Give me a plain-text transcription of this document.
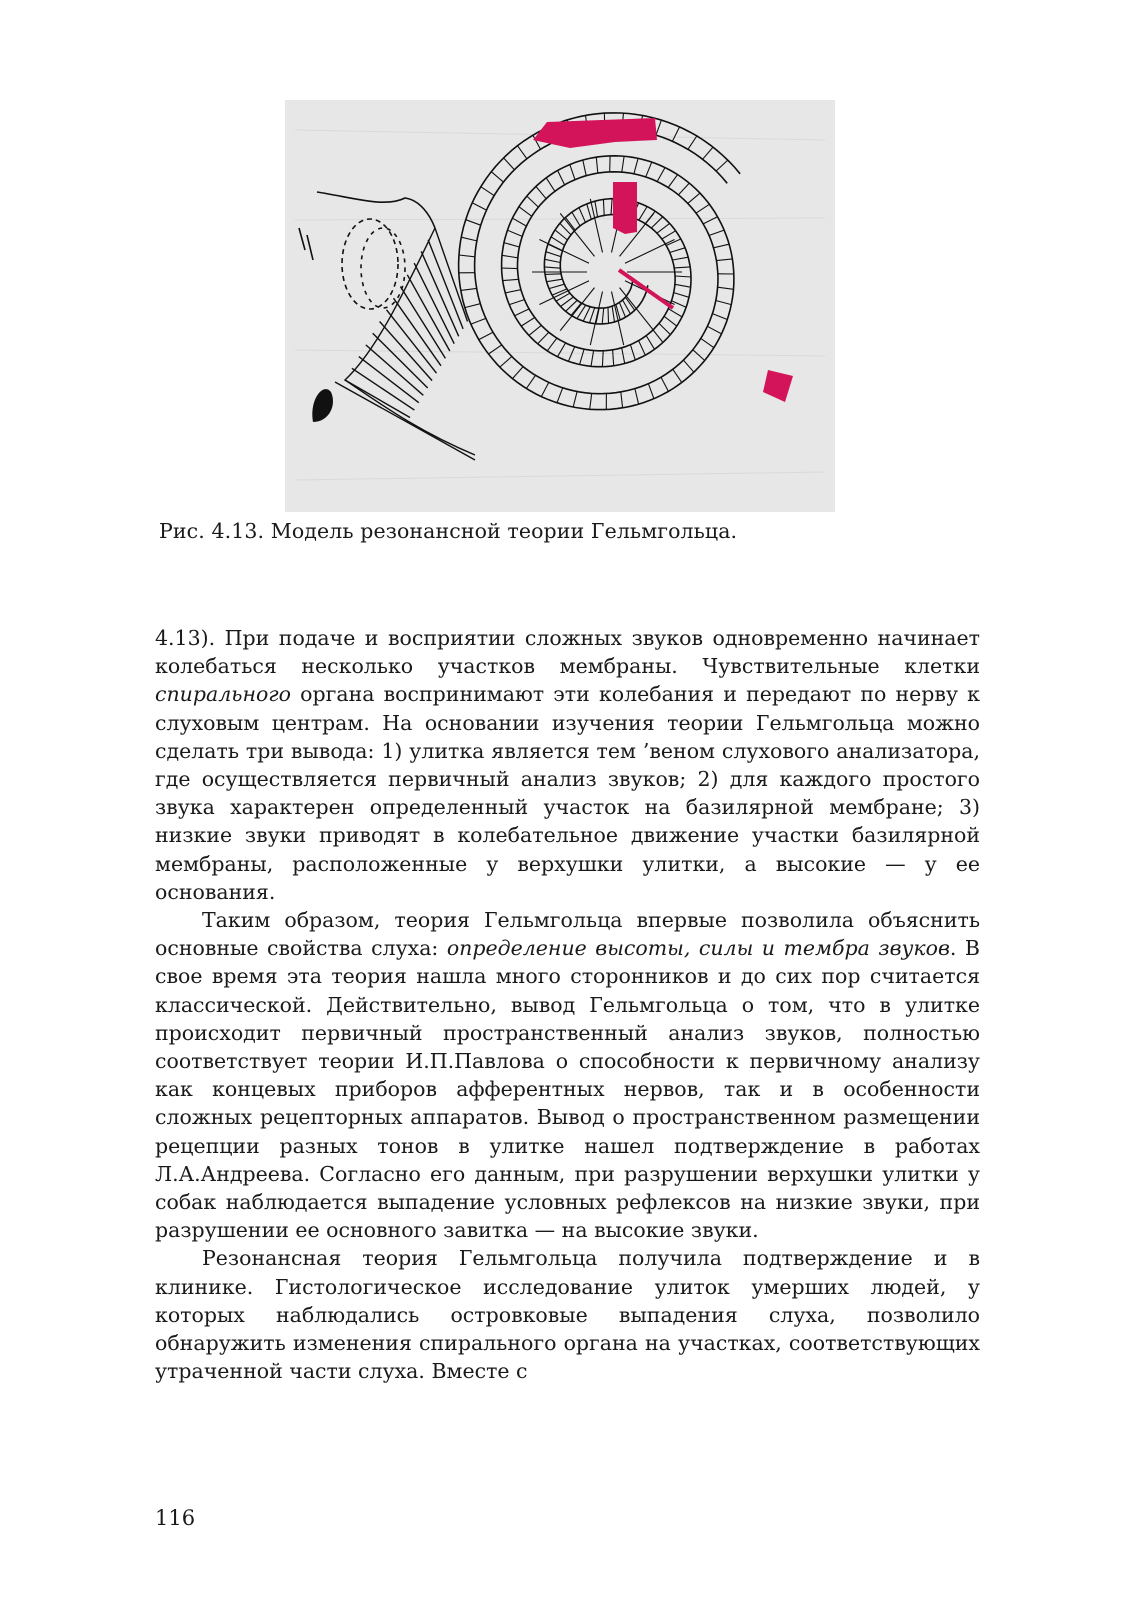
Рис. 4.13. Модель резонансной теории Гельмгольца.

4.13). При подаче и восприятии сложных звуков одновременно начинает колебаться несколько участков мембраны. Чувствительные клетки спирального органа воспринимают эти колебания и передают по нерву к слуховым центрам. На основании изучения теории Гельмгольца можно сделать три вывода: 1) улитка является тем ’веном слухового анализатора, где осуществляется первичный анализ звуков; 2) для каждого простого звука характерен определенный участок на базилярной мембране; 3) низкие звуки приводят в колебательное движение участки базилярной мембраны, расположенные у верхушки улитки, а высокие — у ее основания.

Таким образом, теория Гельмгольца впервые позволила объяснить основные свойства слуха: определение высоты, силы и тембра звуков. В свое время эта теория нашла много сторонников и до сих пор считается классической. Действительно, вывод Гельмгольца о том, что в улитке происходит первичный пространственный анализ звуков, полностью соответствует теории И.П.Павлова о способности к первичному анализу как концевых приборов афферентных нервов, так и в особенности сложных рецепторных аппаратов. Вывод о пространственном размещении рецепции разных тонов в улитке нашел подтверждение в работах Л.А.Андреева. Согласно его данным, при разрушении верхушки улитки у собак наблюдается выпадение условных рефлексов на низкие звуки, при разрушении ее основного завитка — на высокие звуки.

Резонансная теория Гельмгольца получила подтверждение и в клинике. Гистологическое исследование улиток умерших людей, у которых наблюдались островковые выпадения слуха, позволило обнаружить изменения спирального органа на участках, соответствующих утраченной части слуха. Вместе с

116
